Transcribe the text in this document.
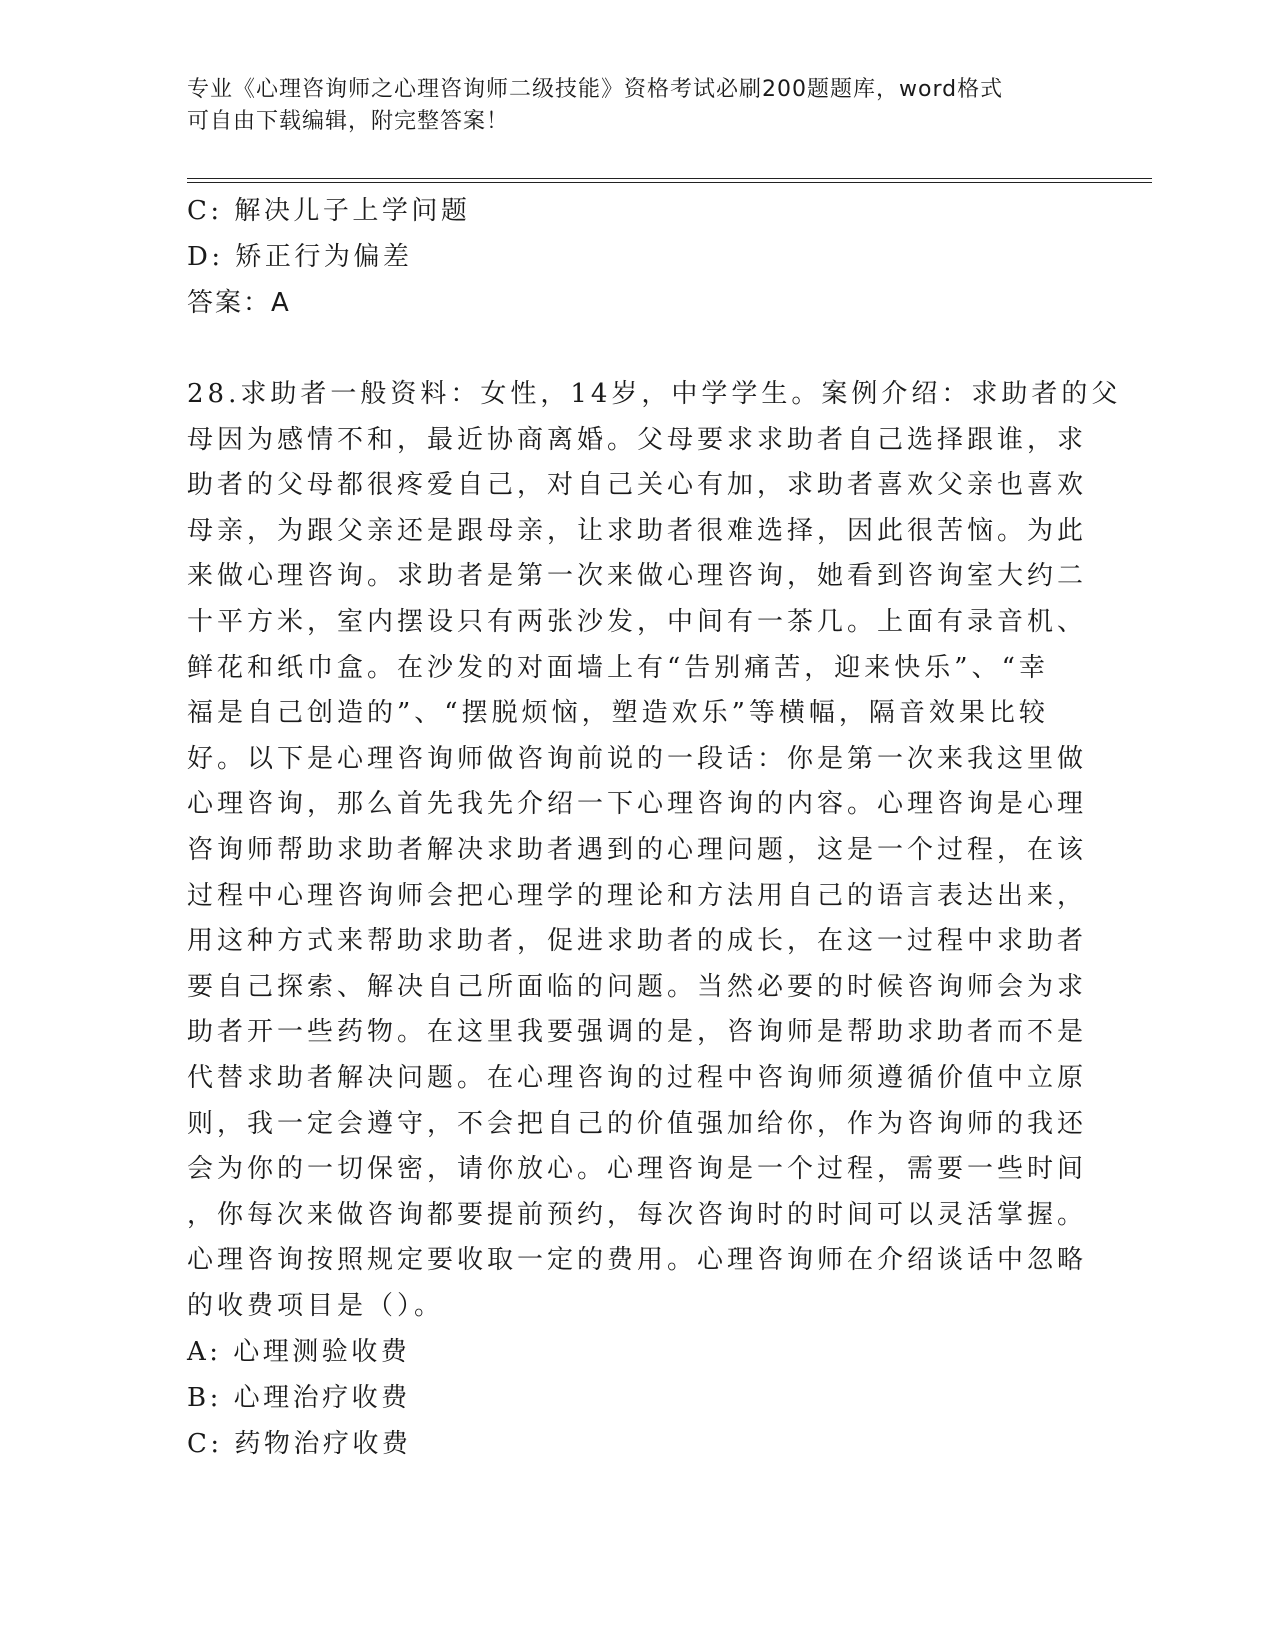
专业《心理咨询师之心理咨询师二级技能》资格考试必刷200题题库，word格式
可自由下载编辑，附完整答案！
C: 解决儿子上学问题
D: 矫正行为偏差
答案：A

28.求助者一般资料：女性，14岁，中学学生。案例介绍：求助者的父

母因为感情不和，最近协商离婚。父母要求求助者自己选择跟谁，求

助者的父母都很疼爱自己，对自己关心有加，求助者喜欢父亲也喜欢

母亲，为跟父亲还是跟母亲，让求助者很难选择，因此很苦恼。为此

来做心理咨询。求助者是第一次来做心理咨询，她看到咨询室大约二

十平方米，室内摆设只有两张沙发，中间有一茶几。上面有录音机、

鲜花和纸巾盒。在沙发的对面墙上有“告别痛苦，迎来快乐”、“幸

福是自己创造的”、“摆脱烦恼，塑造欢乐”等横幅，隔音效果比较

好。以下是心理咨询师做咨询前说的一段话：你是第一次来我这里做

心理咨询，那么首先我先介绍一下心理咨询的内容。心理咨询是心理

咨询师帮助求助者解决求助者遇到的心理问题，这是一个过程，在该

过程中心理咨询师会把心理学的理论和方法用自己的语言表达出来，

用这种方式来帮助求助者，促进求助者的成长，在这一过程中求助者

要自己探索、解决自己所面临的问题。当然必要的时候咨询师会为求

助者开一些药物。在这里我要强调的是，咨询师是帮助求助者而不是

代替求助者解决问题。在心理咨询的过程中咨询师须遵循价值中立原

则，我一定会遵守，不会把自己的价值强加给你，作为咨询师的我还

会为你的一切保密，请你放心。心理咨询是一个过程，需要一些时间

，你每次来做咨询都要提前预约，每次咨询时的时间可以灵活掌握。

心理咨询按照规定要收取一定的费用。心理咨询师在介绍谈话中忽略

的收费项目是（）。

A: 心理测验收费
B: 心理治疗收费
C: 药物治疗收费
